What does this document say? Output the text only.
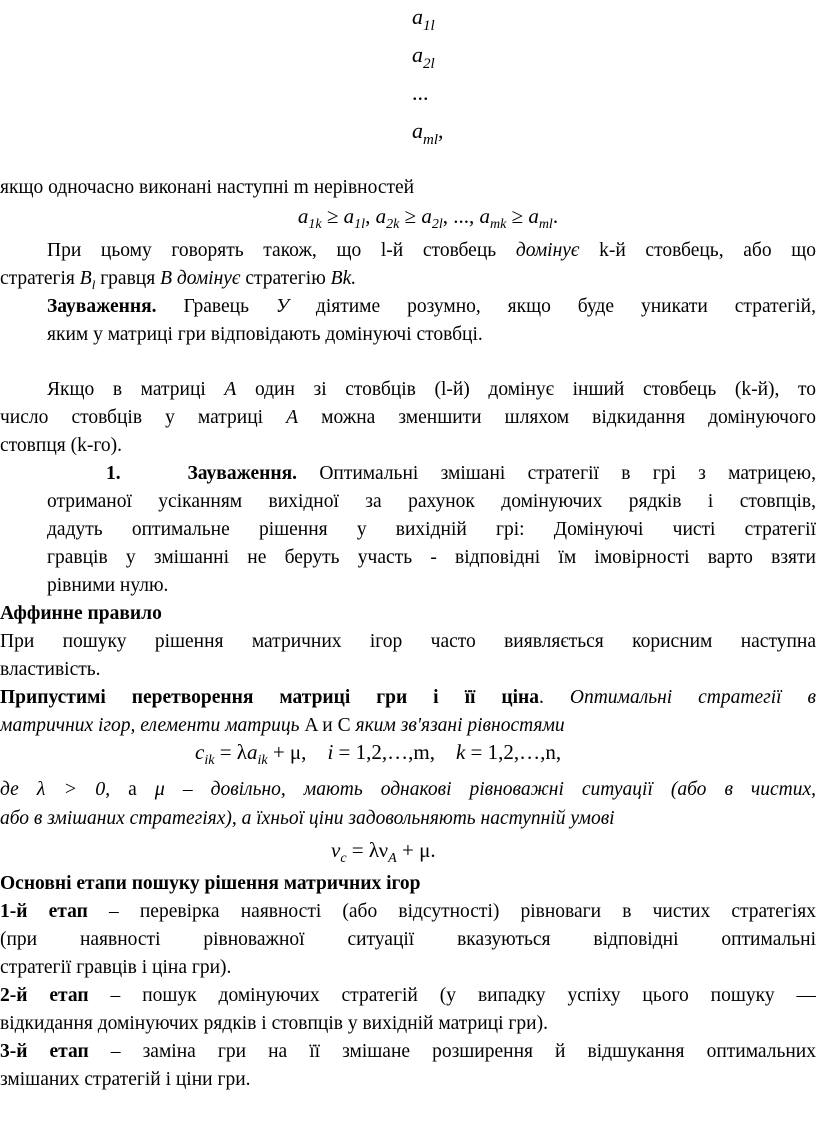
$a_{1l}$
$a_{2l}$
...
$a_{ml}$,
якщо одночасно виконані наступні m нерівностей
$a_{1k} \ge a_{1l}$, $a_{2k} \ge a_{2l}$, ..., $a_{mk} \ge a_{ml}$.
При цьому говорять також, що l-й стовбець домінує k-й стовбець, або що
стратегія $B_l$ гравця B домінує стратегію Bk.
Зауваження. Гравець У діятиме розумно, якщо буде уникати стратегій,
яким у матриці гри відповідають домінуючі стовбці.
Якщо в матриці A один зі стовбців (l-й) домінує інший стовбець (k-й), то
число стовбців у матриці A можна зменшити шляхом відкидання домінуючого
стовпця (k-го).
1.	Зауваження. Оптимальні змішані стратегії в грі з матрицею,
отриманої усіканням вихідної за рахунок домінуючих рядків і стовпців,
дадуть оптимальне рішення у вихідній грі: Домінуючі чисті стратегії
гравців у змішанні не беруть участь - відповідні їм імовірності варто взяти
рівними нулю.
Аффинне правило
При пошуку рішення матричних ігор часто виявляється корисним наступна
властивість.
Припустимі перетворення матриці гри і її ціна. Оптимальні стратегії в
матричних ігор, елементи матриць A и C яким зв'язані рівностями
$c_{ik} = \lambda a_{ik} + \mu$, i = 1,2,…,m, k = 1,2,…,n,
де λ > 0, а μ – довільно, мають однакові рівноважні ситуації (або в чистих,
або в змішаних стратегіях), а їхньої ціни задовольняють наступній умові
$\nu_c = \lambda\nu_A + \mu$.
Основні етапи пошуку рішення матричних ігор
1-й етап – перевірка наявності (або відсутності) рівноваги в чистих стратегіях
(при наявності рівноважної ситуації вказуються відповідні оптимальні
стратегії гравців і ціна гри).
2-й етап – пошук домінуючих стратегій (у випадку успіху цього пошуку —
відкидання домінуючих рядків і стовпців у вихідній матриці гри).
3-й етап – заміна гри на її змішане розширення й відшукання оптимальних
змішаних стратегій і ціни гри.
